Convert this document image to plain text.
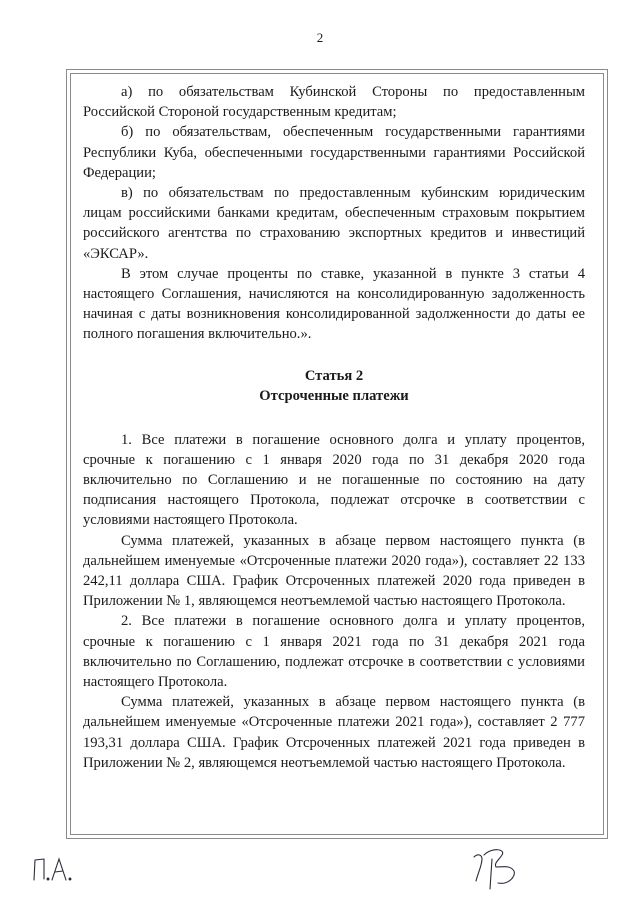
2

а) по обязательствам Кубинской Стороны по предоставленным Российской Стороной государственным кредитам;

б) по обязательствам, обеспеченным государственными гарантиями Республики Куба, обеспеченными государственными гарантиями Российской Федерации;

в) по обязательствам по предоставленным кубинским юридическим лицам российскими банками кредитам, обеспеченным страховым покрытием российского агентства по страхованию экспортных кредитов и инвестиций «ЭКСАР».

В этом случае проценты по ставке, указанной в пункте 3 статьи 4 настоящего Соглашения, начисляются на консолидированную задолженность начиная с даты возникновения консолидированной задолженности до даты ее полного погашения включительно.».

Статья 2

Отсроченные платежи

1. Все платежи в погашение основного долга и уплату процентов, срочные к погашению с 1 января 2020 года по 31 декабря 2020 года включительно по Соглашению и не погашенные по состоянию на дату подписания настоящего Протокола, подлежат отсрочке в соответствии с условиями настоящего Протокола.

Сумма платежей, указанных в абзаце первом настоящего пункта (в дальнейшем именуемые «Отсроченные платежи 2020 года»), составляет 22 133 242,11 доллара США. График Отсроченных платежей 2020 года приведен в Приложении № 1, являющемся неотъемлемой частью настоящего Протокола.

2. Все платежи в погашение основного долга и уплату процентов, срочные к погашению с 1 января 2021 года по 31 декабря 2021 года включительно по Соглашению, подлежат отсрочке в соответствии с условиями настоящего Протокола.

Сумма платежей, указанных в абзаце первом настоящего пункта (в дальнейшем именуемые «Отсроченные платежи 2021 года»), составляет 2 777 193,31 доллара США. График Отсроченных платежей 2021 года приведен в Приложении № 2, являющемся неотъемлемой частью настоящего Протокола.
